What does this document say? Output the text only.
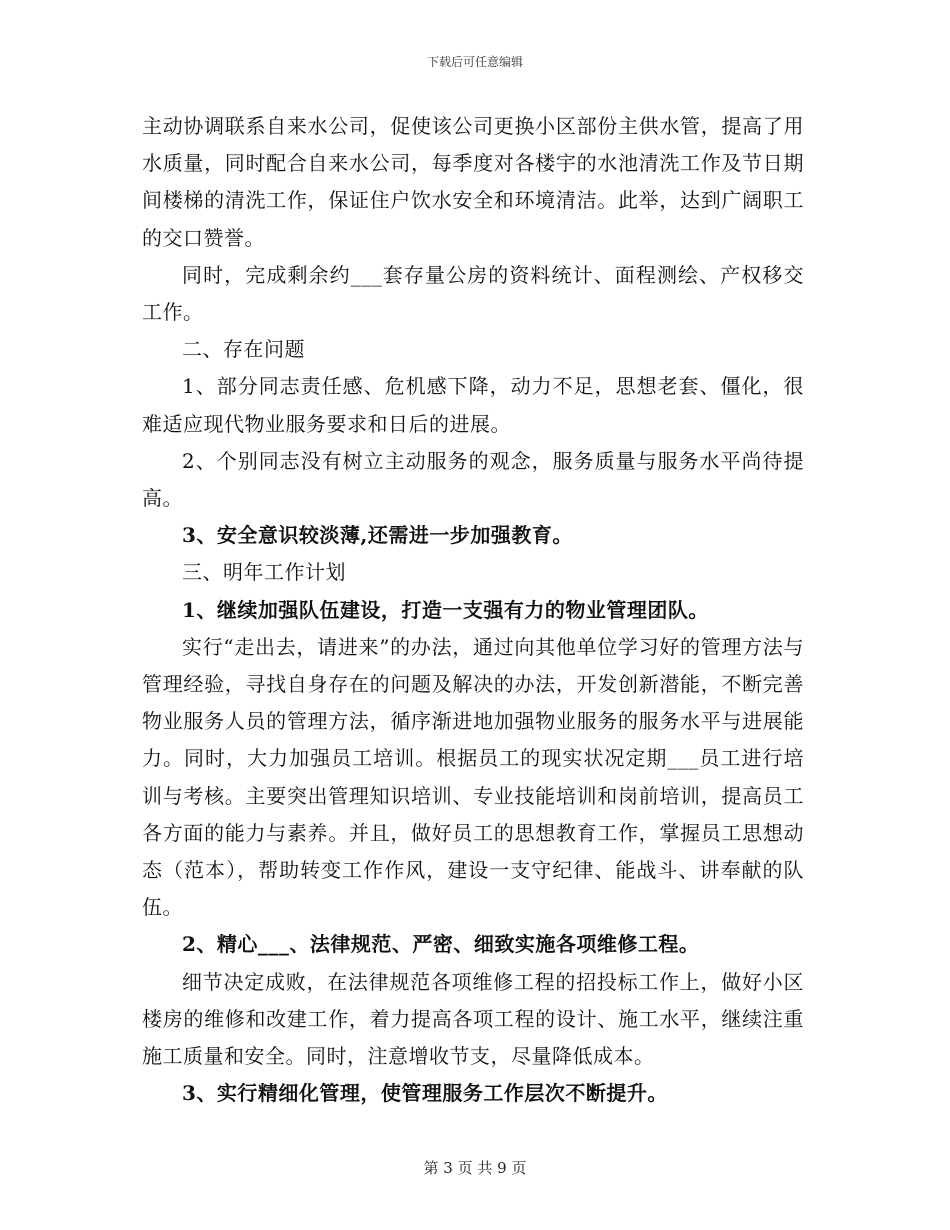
下载后可任意编辑

主动协调联系自来水公司，促使该公司更换小区部份主供水管，提高了用水质量，同时配合自来水公司，每季度对各楼宇的水池清洗工作及节日期间楼梯的清洗工作，保证住户饮水安全和环境清洁。此举，达到广阔职工的交口赞誉。

同时，完成剩余约___套存量公房的资料统计、面程测绘、产权移交工作。

二、存在问题

1、部分同志责任感、危机感下降，动力不足，思想老套、僵化，很难适应现代物业服务要求和日后的进展。

2、个别同志没有树立主动服务的观念，服务质量与服务水平尚待提高。

3、安全意识较淡薄,还需进一步加强教育。

三、明年工作计划

1、继续加强队伍建设，打造一支强有力的物业管理团队。

实行“走出去，请进来”的办法，通过向其他单位学习好的管理方法与管理经验，寻找自身存在的问题及解决的办法，开发创新潜能，不断完善物业服务人员的管理方法，循序渐进地加强物业服务的服务水平与进展能力。同时，大力加强员工培训。根据员工的现实状况定期___员工进行培训与考核。主要突出管理知识培训、专业技能培训和岗前培训，提高员工各方面的能力与素养。并且，做好员工的思想教育工作，掌握员工思想动态（范本），帮助转变工作作风，建设一支守纪律、能战斗、讲奉献的队伍。

2、精心___、法律规范、严密、细致实施各项维修工程。

细节决定成败，在法律规范各项维修工程的招投标工作上，做好小区楼房的维修和改建工作，着力提高各项工程的设计、施工水平，继续注重施工质量和安全。同时，注意增收节支，尽量降低成本。

3、实行精细化管理，使管理服务工作层次不断提升。

第 3 页 共 9 页
